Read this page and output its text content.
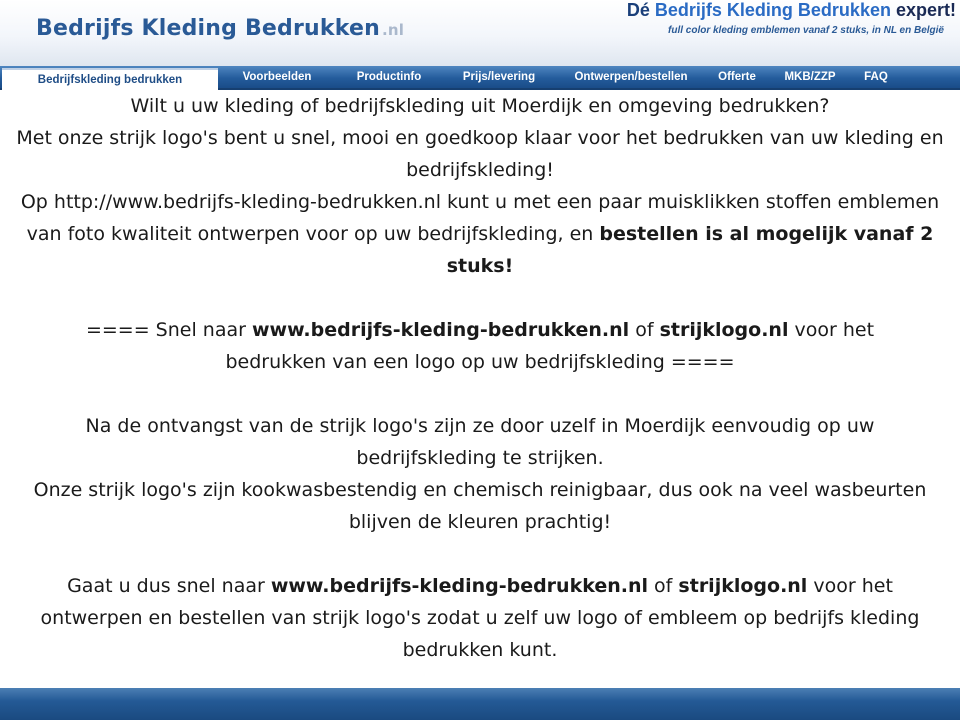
Bedrijfs Kleding Bedrukken .nl
Dé Bedrijfs Kleding Bedrukken expert!
full color kleding emblemen vanaf 2 stuks, in NL en België
Bedrijfskleding bedrukken	Voorbeelden	Productinfo	Prijs/levering	Ontwerpen/bestellen	Offerte	MKB/ZZP	FAQ

Wilt u uw kleding of bedrijfskleding uit Moerdijk en omgeving bedrukken?

Met onze strijk logo's bent u snel, mooi en goedkoop klaar voor het bedrukken van uw kleding en bedrijfskleding!

Op http://www.bedrijfs-kleding-bedrukken.nl kunt u met een paar muisklikken stoffen emblemen van foto kwaliteit ontwerpen voor op uw bedrijfskleding, en bestellen is al mogelijk vanaf 2 stuks!

==== Snel naar www.bedrijfs-kleding-bedrukken.nl of strijklogo.nl voor het bedrukken van een logo op uw bedrijfskleding ====

Na de ontvangst van de strijk logo's zijn ze door uzelf in Moerdijk eenvoudig op uw bedrijfskleding te strijken.

Onze strijk logo's zijn kookwasbestendig en chemisch reinigbaar, dus ook na veel wasbeurten blijven de kleuren prachtig!

Gaat u dus snel naar www.bedrijfs-kleding-bedrukken.nl of strijklogo.nl voor het ontwerpen en bestellen van strijk logo's zodat u zelf uw logo of embleem op bedrijfs kleding bedrukken kunt.
